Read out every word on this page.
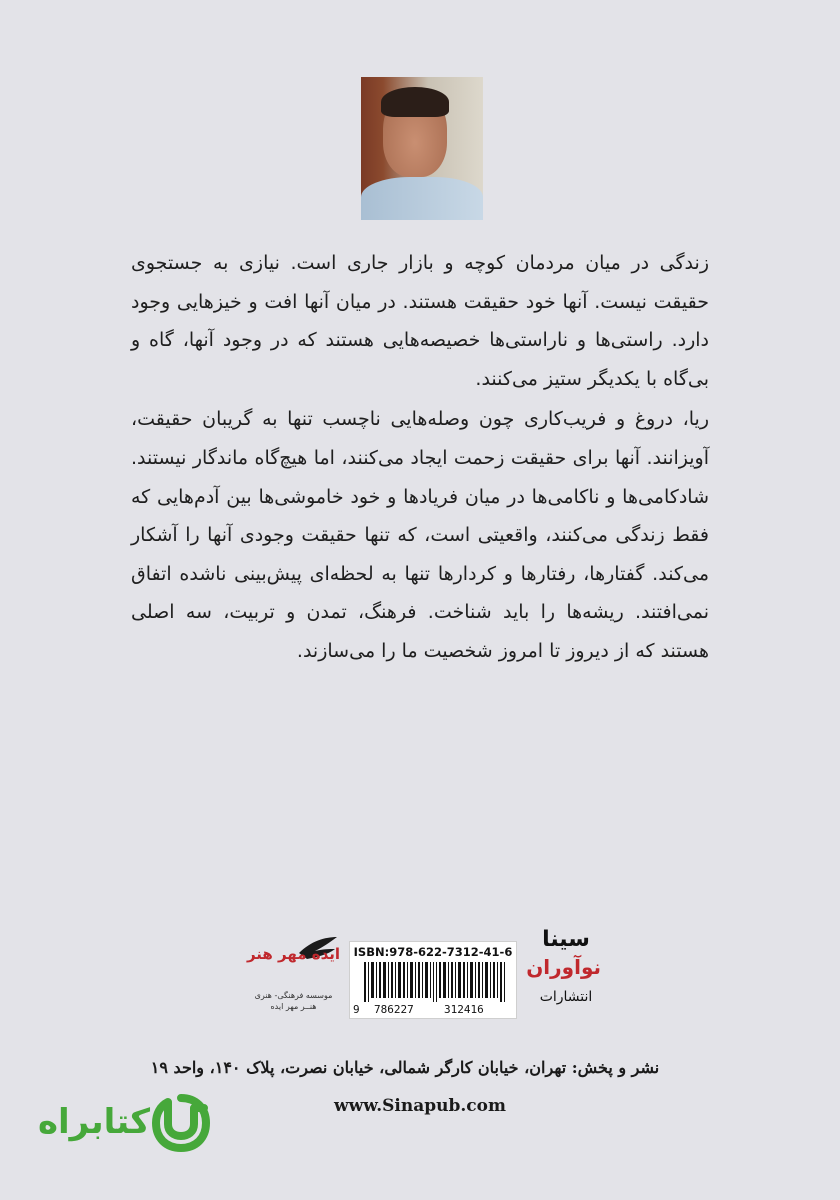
زندگی در میان مردمان کوچه و بازار جاری است. نیازی به جستجوی حقیقت نیست. آنها خود حقیقت هستند. در میان آنها افت و خیزهایی وجود دارد. راستی‌ها و ناراستی‌ها خصیصه‌هایی هستند که در وجود آنها، گاه و بی‌گاه با یکدیگر ستیز می‌کنند.

ریا، دروغ و فریب‌کاری چون وصله‌هایی ناچسب تنها به گریبان حقیقت، آویزانند. آنها برای حقیقت زحمت ایجاد می‌کنند، اما هیچ‌گاه ماندگار نیستند. شادکامی‌ها و ناکامی‌ها در میان فریادها و خود خاموشی‌ها بین آدم‌هایی که فقط زندگی می‌کنند، واقعیتی است، که تنها حقیقت وجودی آنها را آشکار می‌کند. گفتارها، رفتارها و کردارها تنها به لحظه‌ای پیش‌بینی ناشده اتفاق نمی‌افتند. ریشه‌ها را باید شناخت. فرهنگ، تمدن و تربیت، سه اصلی هستند که از دیروز تا امروز شخصیت ما را می‌سازند.

ایده مهر هنر
موسسه فرهنگی- هنری
هنــر مهر ایده
ISBN:978-622-7312-41-6
9 786227	312416
سینا
نوآوران
انتشارات
نشر و پخش: تهران، خیابان کارگر شمالی، خیابان نصرت، پلاک ۱۴۰، واحد ۱۹
www.Sinapub.com
کتابراه
